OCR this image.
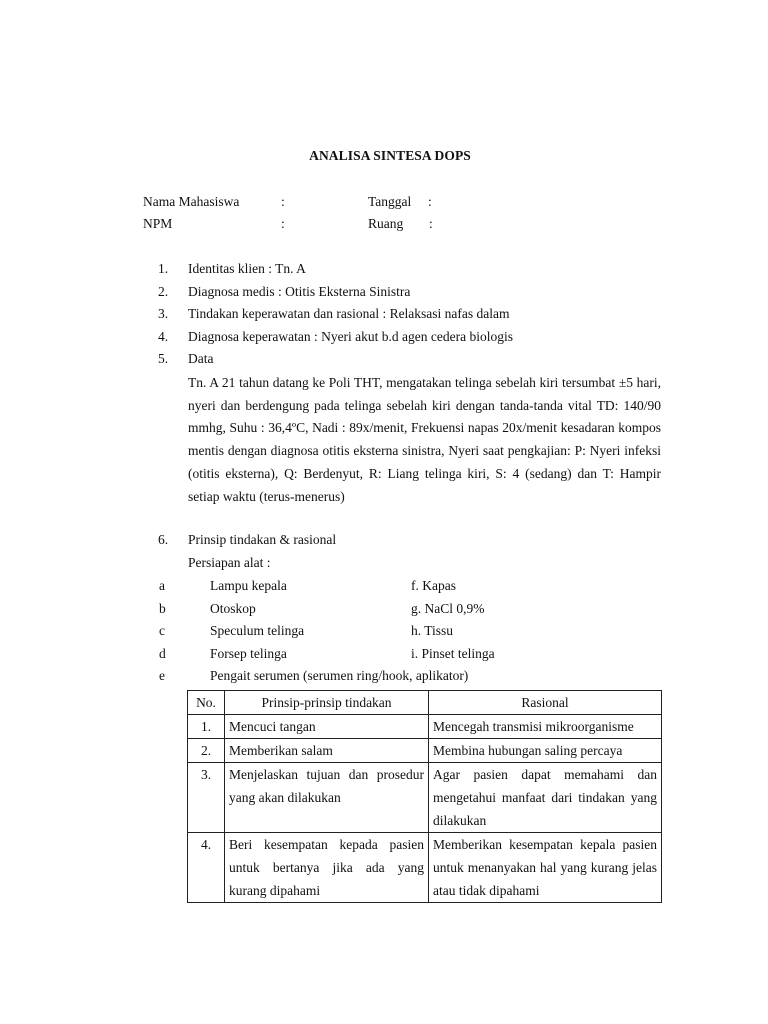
ANALISA SINTESA DOPS
Nama Mahasiswa	:	Tanggal :
NPM	:	Ruang :
1.	Identitas klien : Tn. A
2.	Diagnosa medis : Otitis Eksterna Sinistra
3.	Tindakan keperawatan dan rasional : Relaksasi nafas dalam
4.	Diagnosa keperawatan : Nyeri akut b.d agen cedera biologis
5.	Data
Tn. A 21 tahun datang ke Poli THT, mengatakan telinga sebelah kiri tersumbat ±5 hari, nyeri dan berdengung pada telinga sebelah kiri dengan tanda-tanda vital TD: 140/90 mmhg, Suhu : 36,4ºC, Nadi : 89x/menit, Frekuensi napas 20x/menit kesadaran kompos mentis dengan diagnosa otitis eksterna sinistra, Nyeri saat pengkajian: P: Nyeri infeksi (otitis eksterna), Q: Berdenyut, R: Liang telinga kiri, S: 4 (sedang) dan T: Hampir setiap waktu (terus-menerus)
6.	Prinsip tindakan & rasional
Persiapan alat :
a	Lampu kepala	f. Kapas
b	Otoskop	g. NaCl 0,9%
c	Speculum telinga	h. Tissu
d	Forsep telinga	i. Pinset telinga
e	Pengait serumen (serumen ring/hook, aplikator)
No.	Prinsip-prinsip tindakan	Rasional
1.	Mencuci tangan	Mencegah transmisi mikroorganisme
2.	Memberikan salam	Membina hubungan saling percaya
3.	Menjelaskan tujuan dan prosedur yang akan dilakukan	Agar pasien dapat memahami dan mengetahui manfaat dari tindakan yang dilakukan
4.	Beri kesempatan kepada pasien untuk bertanya jika ada yang kurang dipahami	Memberikan kesempatan kepala pasien untuk menanyakan hal yang kurang jelas atau tidak dipahami
